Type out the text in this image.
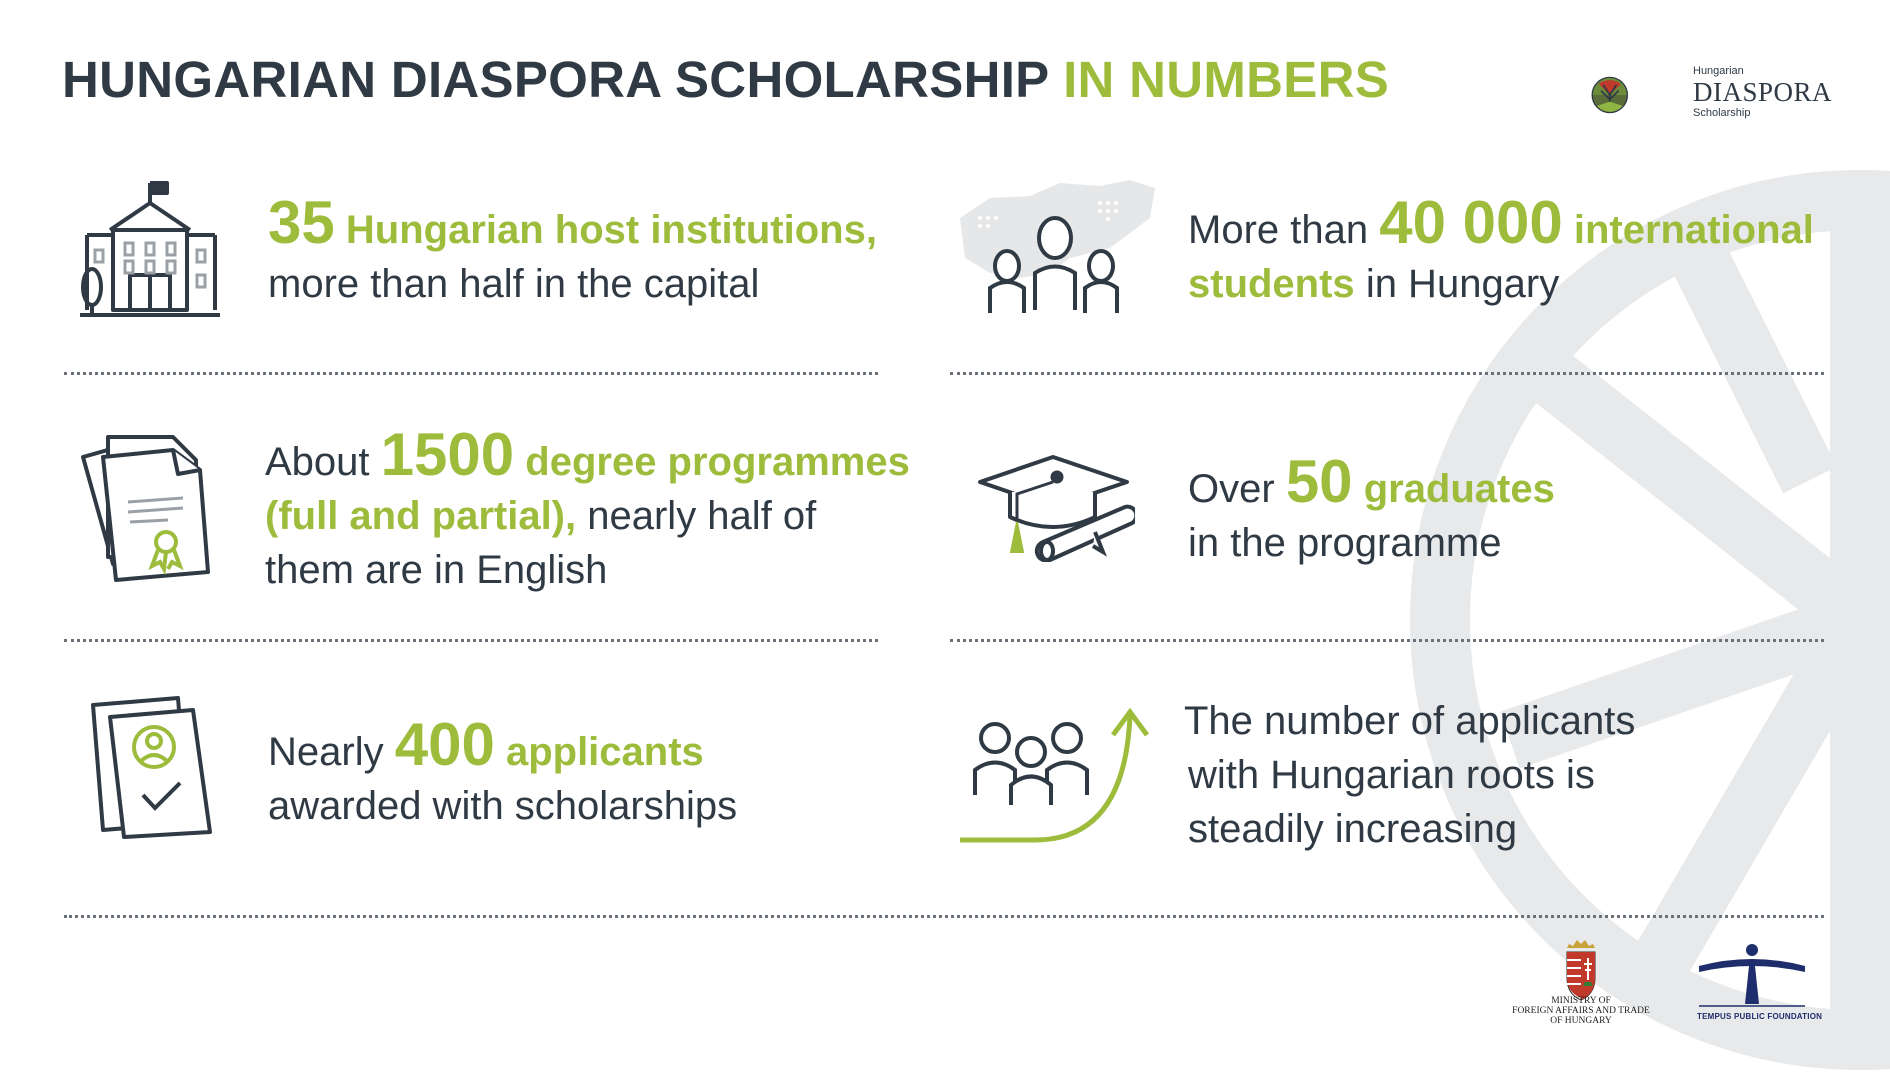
HUNGARIAN DIASPORA SCHOLARSHIP IN NUMBERS	Hungarian
DIASPORA
Scholarship
35 Hungarian host institutions,
more than half in the capital
More than 40 000 international
students in Hungary
About 1500 degree programmes
(full and partial), nearly half of
them are in English
Over 50 graduates
in the programme
Nearly 400 applicants
awarded with scholarships
The number of applicants
with Hungarian roots is
steadily increasing
MINISTRY OF
FOREIGN AFFAIRS AND TRADE
OF HUNGARY	TEMPUS PUBLIC FOUNDATION
